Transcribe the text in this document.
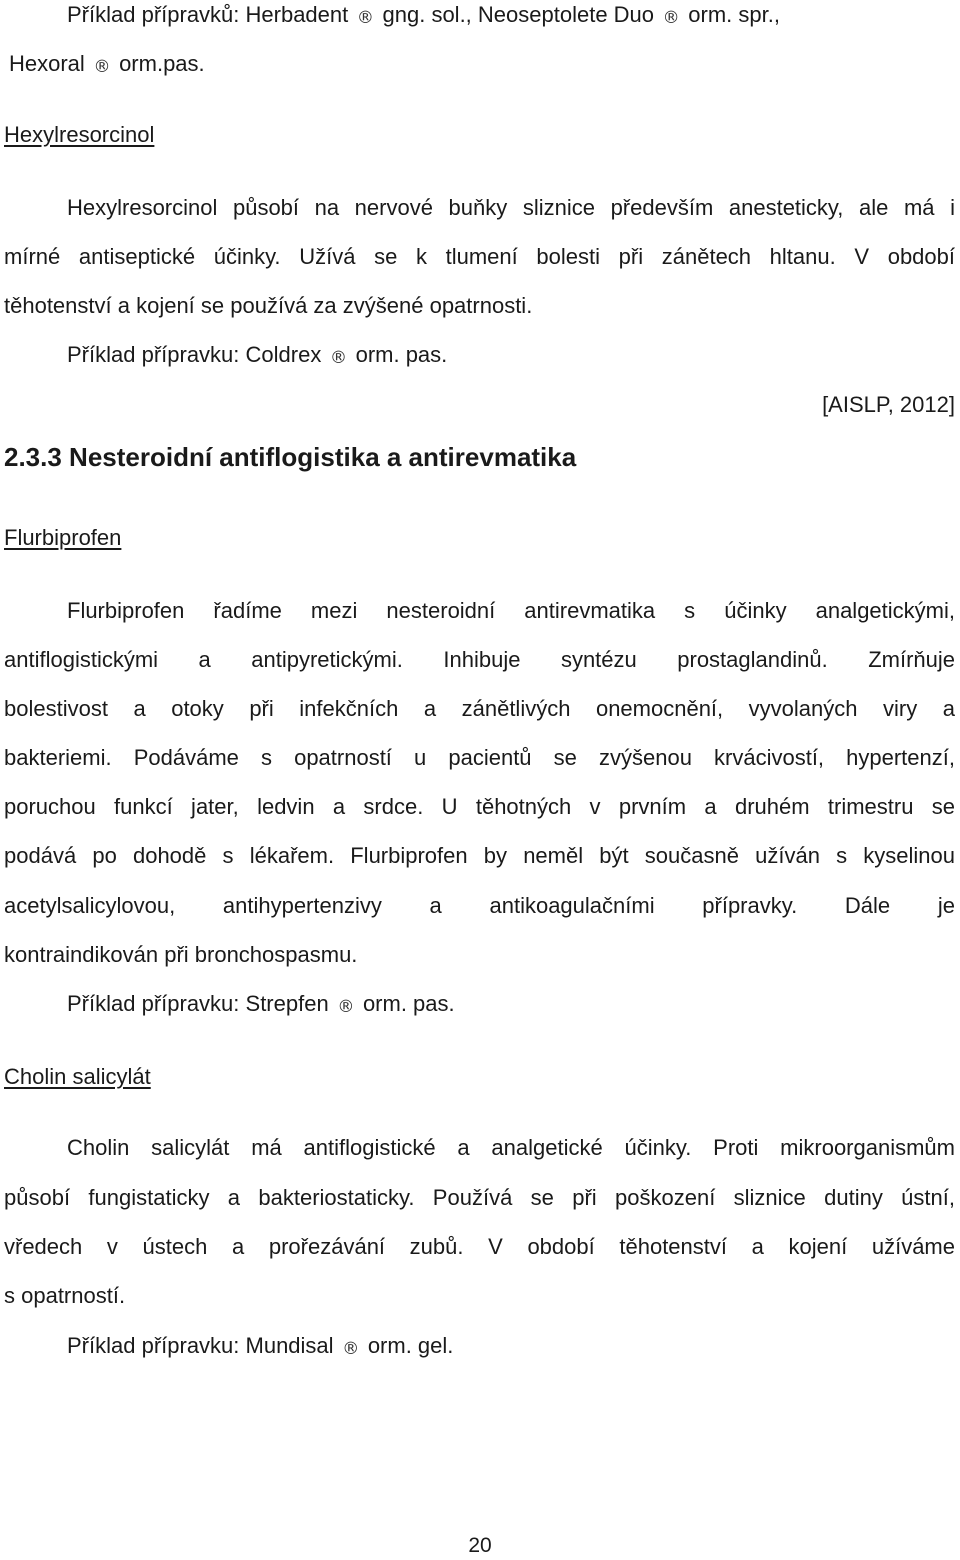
Příklad přípravků: Herbadent ® gng. sol., Neoseptolete Duo ® orm. spr.,
Hexoral ® orm.pas.
Hexylresorcinol
Hexylresorcinol působí na nervové buňky sliznice především anesteticky, ale má i
mírné antiseptické účinky. Užívá se k tlumení bolesti při zánětech hltanu. V období
těhotenství a kojení se používá za zvýšené opatrnosti.
Příklad přípravku: Coldrex ® orm. pas.
[AISLP, 2012]
2.3.3 Nesteroidní antiflogistika a antirevmatika
Flurbiprofen
Flurbiprofen řadíme mezi nesteroidní antirevmatika s účinky analgetickými,
antiflogistickými a antipyretickými. Inhibuje syntézu prostaglandinů. Zmírňuje
bolestivost a otoky při infekčních a zánětlivých onemocnění, vyvolaných viry a
bakteriemi. Podáváme s opatrností u pacientů se zvýšenou krvácivostí, hypertenzí,
poruchou funkcí jater, ledvin a srdce. U těhotných v prvním a druhém trimestru se
podává po dohodě s lékařem. Flurbiprofen by neměl být současně užíván s kyselinou
acetylsalicylovou, antihypertenzivy a antikoagulačními přípravky. Dále je
kontraindikován při bronchospasmu.
Příklad přípravku: Strepfen ® orm. pas.
Cholin salicylát
Cholin salicylát má antiflogistické a analgetické účinky. Proti mikroorganismům
působí fungistaticky a bakteriostaticky. Používá se při poškození sliznice dutiny ústní,
vředech v ústech a prořezávání zubů. V období těhotenství a kojení užíváme
s opatrností.
Příklad přípravku: Mundisal ® orm. gel.
20
